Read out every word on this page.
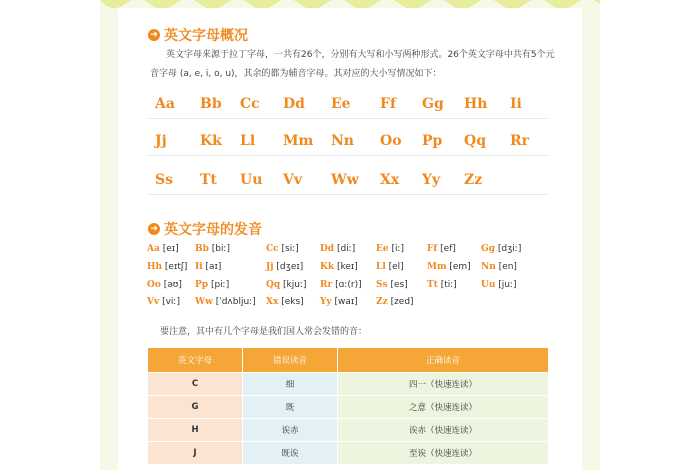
➜ 英文字母概况
英文字母来源于拉丁字母，一共有26个，分别有大写和小写两种形式。26个英文字母中共有5个元音字母 (a, e, i, o, u)，其余的都为辅音字母。其对应的大小写情况如下：
Aa Bb Cc Dd Ee Ff Gg Hh Ii
Jj Kk Ll Mm Nn Oo Pp Qq Rr
Ss Tt Uu Vv Ww Xx Yy Zz
➜ 英文字母的发音
Aa [eɪ] Bb [biː]	Cc [siː] Dd [diː] Ee [iː]	Ff [ef]	Gg [dʒiː]
Hh [eɪtʃ] Ii [aɪ]	Jj [dʒeɪ] Kk [keɪ] Ll [el]	Mm [em] Nn [en]
Oo [əʊ] Pp [piː]	Qq [kjuː] Rr [ɑː(r)] Ss [es] Tt [tiː]	Uu [juː]
Vv [viː] Ww [ˈdʌbljuː] Xx [eks] Yy [waɪ] Zz [zed]
要注意，其中有几个字母是我们国人常会发错的音：
英文字母	错误读音	正确读音
C	细	四一（快速连读）
G	既	之意（快速连读）
H	诶赤	诶赤（快速连读）
J	既诶	至诶（快速连读）
